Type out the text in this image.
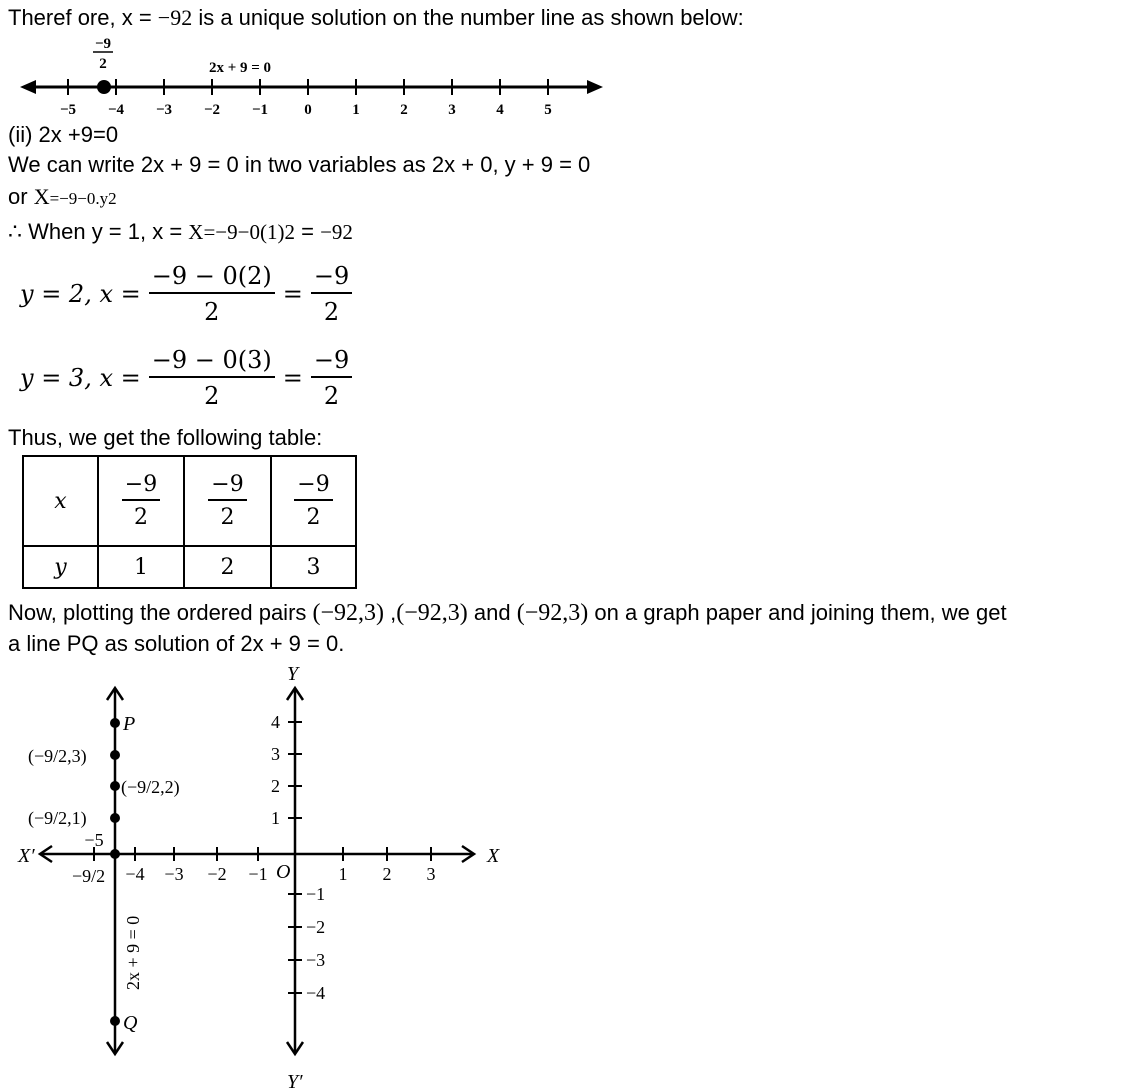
Theref ore, x = −92 is a unique solution on the number line as shown below:
−5 −4 −3 −2 −1 0	1	2	3	4	5
−9
2	2x + 9 = 0
(ii) 2x +9=0
We can write 2x + 9 = 0 in two variables as 2x + 0, y + 9 = 0
or X=−9−0.y2
∴ When y = 1, x = X=−9−0(1)2 = −92
y = 2, $x = \frac{-9 - 0(2)}{2} = \frac{-9}{2}$
y = 3, $x = \frac{-9 - 0(3)}{2} = \frac{-9}{2}$
Thus, we get the following table:
x	$\frac{-9}{2}$	$\frac{-9}{2}$	$\frac{-9}{2}$

y	1	2	3
Now, plotting the ordered pairs (−92,3) ,(−92,3) and (−92,3) on a graph paper and joining them, we get
a line PQ as solution of 2x + 9 = 0.
−5
−4 −3 −2 −1	1 2 3
1
2
3
4
−1
−2
−3
−4
X
X′
Y
Y′
O
P
Q
(−9/2,3)
(−9/2,2)
(−9/2,1)
−9/2
2x + 9 = 0
